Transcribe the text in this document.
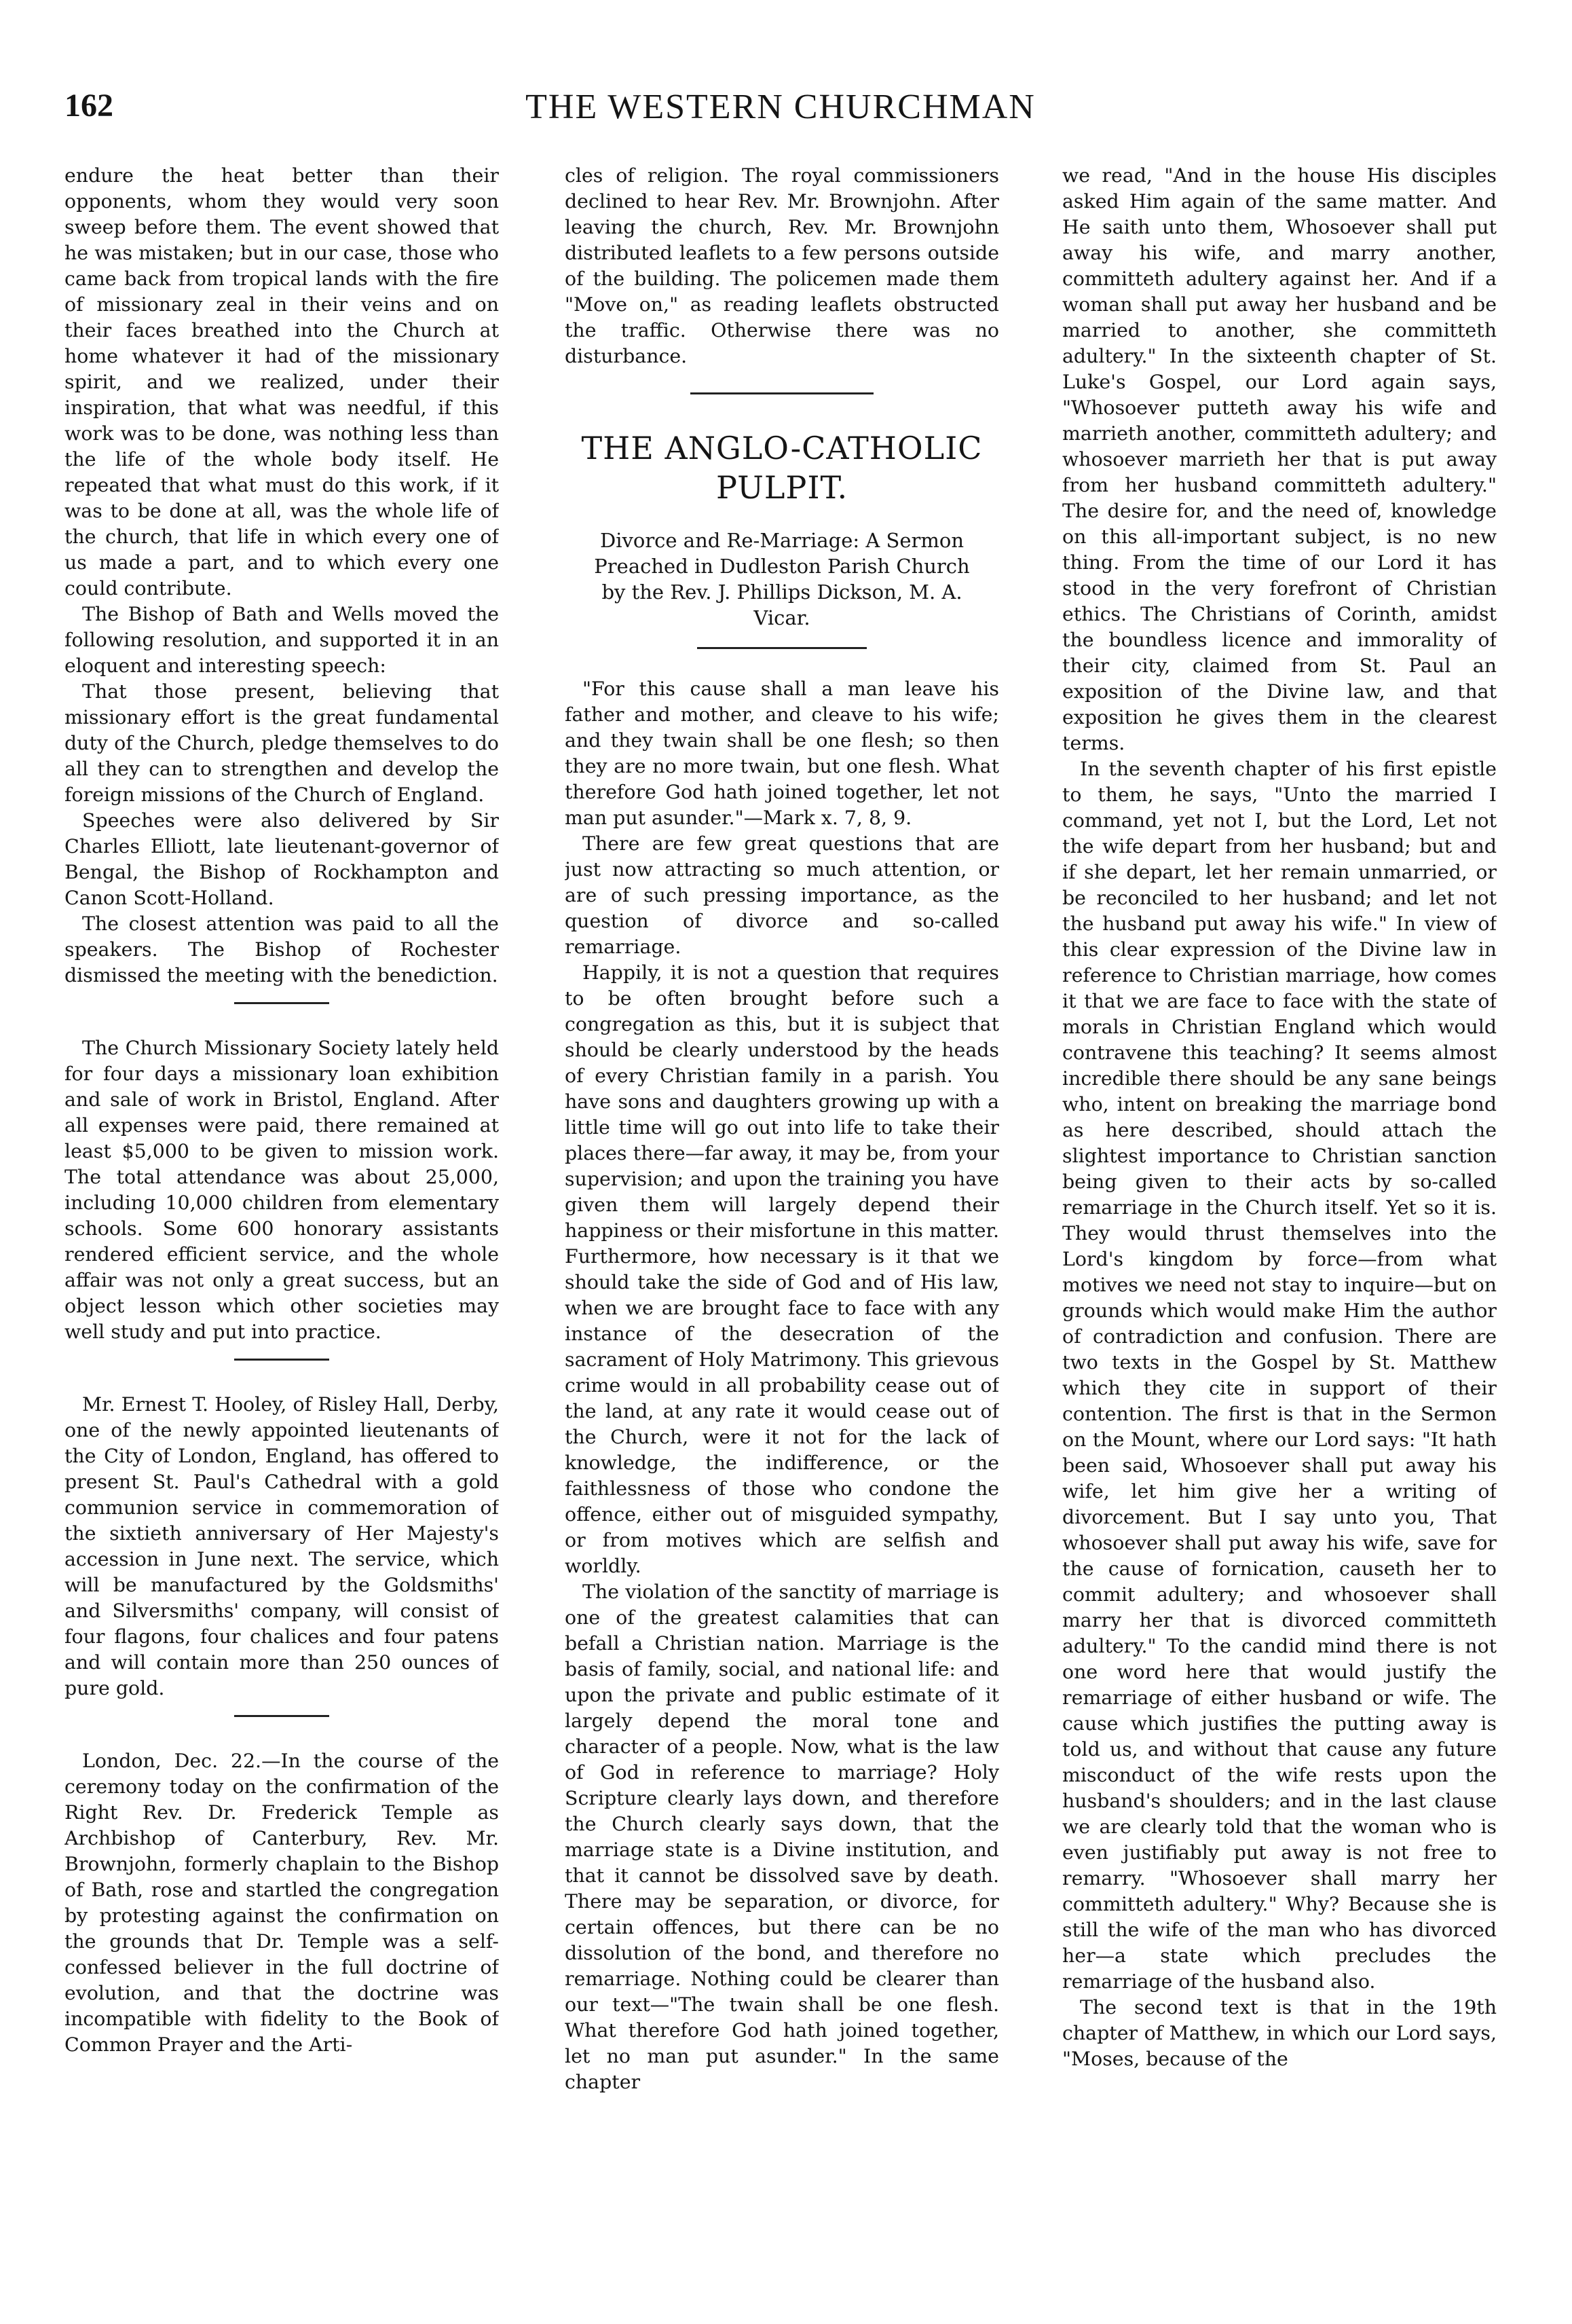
162	THE WESTERN CHURCHMAN

endure the heat better than their opponents, whom they would very soon sweep before them. The event showed that he was mistaken; but in our case, those who came back from tropical lands with the fire of missionary zeal in their veins and on their faces breathed into the Church at home whatever it had of the missionary spirit, and we realized, under their inspiration, that what was needful, if this work was to be done, was nothing less than the life of the whole body itself. He repeated that what must do this work, if it was to be done at all, was the whole life of the church, that life in which every one of us made a part, and to which every one could contribute.

The Bishop of Bath and Wells moved the following resolution, and supported it in an eloquent and interesting speech:

That those present, believing that missionary effort is the great fundamental duty of the Church, pledge themselves to do all they can to strengthen and develop the foreign missions of the Church of England.

Speeches were also delivered by Sir Charles Elliott, late lieutenant-governor of Bengal, the Bishop of Rockhampton and Canon Scott-Holland.

The closest attention was paid to all the speakers. The Bishop of Rochester dismissed the meeting with the benediction.

The Church Missionary Society lately held for four days a missionary loan exhibition and sale of work in Bristol, England. After all expenses were paid, there remained at least $5,000 to be given to mission work. The total attendance was about 25,000, including 10,000 children from elementary schools. Some 600 honorary assistants rendered efficient service, and the whole affair was not only a great success, but an object lesson which other societies may well study and put into practice.

Mr. Ernest T. Hooley, of Risley Hall, Derby, one of the newly appointed lieutenants of the City of London, England, has offered to present St. Paul's Cathedral with a gold communion service in commemoration of the sixtieth anniversary of Her Majesty's accession in June next. The service, which will be manufactured by the Goldsmiths' and Silversmiths' company, will consist of four flagons, four chalices and four patens and will contain more than 250 ounces of pure gold.

London, Dec. 22.—In the course of the ceremony today on the confirmation of the Right Rev. Dr. Frederick Temple as Archbishop of Canterbury, Rev. Mr. Brownjohn, formerly chaplain to the Bishop of Bath, rose and startled the congregation by protesting against the confirmation on the grounds that Dr. Temple was a self-confessed believer in the full doctrine of evolution, and that the doctrine was incompatible with fidelity to the Book of Common Prayer and the Arti-

cles of religion. The royal commissioners declined to hear Rev. Mr. Brownjohn. After leaving the church, Rev. Mr. Brownjohn distributed leaflets to a few persons outside of the building. The policemen made them "Move on," as reading leaflets obstructed the traffic. Otherwise there was no disturbance.

THE ANGLO-CATHOLIC
PULPIT.
Divorce and Re-Marriage: A Sermon Preached in Dudleston Parish Church by the Rev. J. Phillips Dickson, M. A.
Vicar.

"For this cause shall a man leave his father and mother, and cleave to his wife; and they twain shall be one flesh; so then they are no more twain, but one flesh. What therefore God hath joined together, let not man put asunder."—Mark x. 7, 8, 9.

There are few great questions that are just now attracting so much attention, or are of such pressing importance, as the question of divorce and so-called remarriage.

Happily, it is not a question that requires to be often brought before such a congregation as this, but it is subject that should be clearly understood by the heads of every Christian family in a parish. You have sons and daughters growing up with a little time will go out into life to take their places there—far away, it may be, from your supervision; and upon the training you have given them will largely depend their happiness or their misfortune in this matter. Furthermore, how necessary is it that we should take the side of God and of His law, when we are brought face to face with any instance of the desecration of the sacrament of Holy Matrimony. This grievous crime would in all probability cease out of the land, at any rate it would cease out of the Church, were it not for the lack of knowledge, the indifference, or the faithlessness of those who condone the offence, either out of misguided sympathy, or from motives which are selfish and worldly.

The violation of the sanctity of marriage is one of the greatest calamities that can befall a Christian nation. Marriage is the basis of family, social, and national life: and upon the private and public estimate of it largely depend the moral tone and character of a people. Now, what is the law of God in reference to marriage? Holy Scripture clearly lays down, and therefore the Church clearly says down, that the marriage state is a Divine institution, and that it cannot be dissolved save by death. There may be separation, or divorce, for certain offences, but there can be no dissolution of the bond, and therefore no remarriage. Nothing could be clearer than our text—"The twain shall be one flesh. What therefore God hath joined together, let no man put asunder." In the same chapter

we read, "And in the house His disciples asked Him again of the same matter. And He saith unto them, Whosoever shall put away his wife, and marry another, committeth adultery against her. And if a woman shall put away her husband and be married to another, she committeth adultery." In the sixteenth chapter of St. Luke's Gospel, our Lord again says, "Whosoever putteth away his wife and marrieth another, committeth adultery; and whosoever marrieth her that is put away from her husband committeth adultery." The desire for, and the need of, knowledge on this all-important subject, is no new thing. From the time of our Lord it has stood in the very forefront of Christian ethics. The Christians of Corinth, amidst the boundless licence and immorality of their city, claimed from St. Paul an exposition of the Divine law, and that exposition he gives them in the clearest terms.

In the seventh chapter of his first epistle to them, he says, "Unto the married I command, yet not I, but the Lord, Let not the wife depart from her husband; but and if she depart, let her remain unmarried, or be reconciled to her husband; and let not the husband put away his wife." In view of this clear expression of the Divine law in reference to Christian marriage, how comes it that we are face to face with the state of morals in Christian England which would contravene this teaching? It seems almost incredible there should be any sane beings who, intent on breaking the marriage bond as here described, should attach the slightest importance to Christian sanction being given to their acts by so-called remarriage in the Church itself. Yet so it is. They would thrust themselves into the Lord's kingdom by force—from what motives we need not stay to inquire—but on grounds which would make Him the author of contradiction and confusion. There are two texts in the Gospel by St. Matthew which they cite in support of their contention. The first is that in the Sermon on the Mount, where our Lord says: "It hath been said, Whosoever shall put away his wife, let him give her a writing of divorcement. But I say unto you, That whosoever shall put away his wife, save for the cause of fornication, causeth her to commit adultery; and whosoever shall marry her that is divorced committeth adultery." To the candid mind there is not one word here that would justify the remarriage of either husband or wife. The cause which justifies the putting away is told us, and without that cause any future misconduct of the wife rests upon the husband's shoulders; and in the last clause we are clearly told that the woman who is even justifiably put away is not free to remarry. "Whosoever shall marry her committeth adultery." Why? Because she is still the wife of the man who has divorced her—a state which precludes the remarriage of the husband also.

The second text is that in the 19th chapter of Matthew, in which our Lord says, "Moses, because of the
